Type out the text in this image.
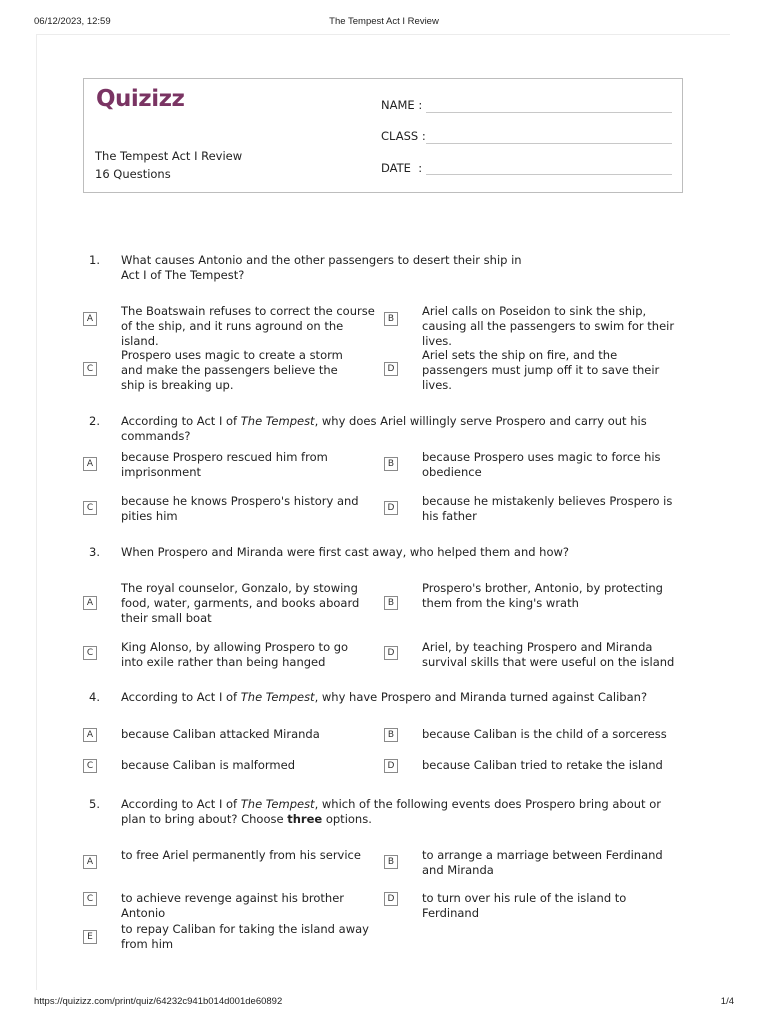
06/12/2023, 12:59	The Tempest Act I Review
Quizizz
The Tempest Act I Review
16 Questions
NAME :
CLASS :
DATE  :
1. What causes Antonio and the other passengers to desert their ship in Act I of The Tempest?
A
The Boatswain refuses to correct the course of the ship, and it runs aground on the island.
B
Ariel calls on Poseidon to sink the ship, causing all the passengers to swim for their lives.
C
Prospero uses magic to create a storm and make the passengers believe the ship is breaking up.
D
Ariel sets the ship on fire, and the passengers must jump off it to save their lives.
2. According to Act I of The Tempest, why does Ariel willingly serve Prospero and carry out his commands?
A	because Prospero rescued him from imprisonment
B	because Prospero uses magic to force his obedience
C	because he knows Prospero's history and pities him
D	because he mistakenly believes Prospero is his father
3. When Prospero and Miranda were first cast away, who helped them and how?
A
The royal counselor, Gonzalo, by stowing food, water, garments, and books aboard their small boat
B
Prospero's brother, Antonio, by protecting them from the king's wrath
C	King Alonso, by allowing Prospero to go into exile rather than being hanged
D	Ariel, by teaching Prospero and Miranda survival skills that were useful on the island
4. According to Act I of The Tempest, why have Prospero and Miranda turned against Caliban?
A	because Caliban attacked Miranda	B	because Caliban is the child of a sorceress
C	because Caliban is malformed	D	because Caliban tried to retake the island
5. According to Act I of The Tempest, which of the following events does Prospero bring about or plan to bring about? Choose three options.
A	to free Ariel permanently from his service	B	to arrange a marriage between Ferdinand and Miranda
C	to achieve revenge against his brother Antonio
D	to turn over his rule of the island to Ferdinand
E
to repay Caliban for taking the island away from him
https://quizizz.com/print/quiz/64232c941b014d001de60892	1/4
